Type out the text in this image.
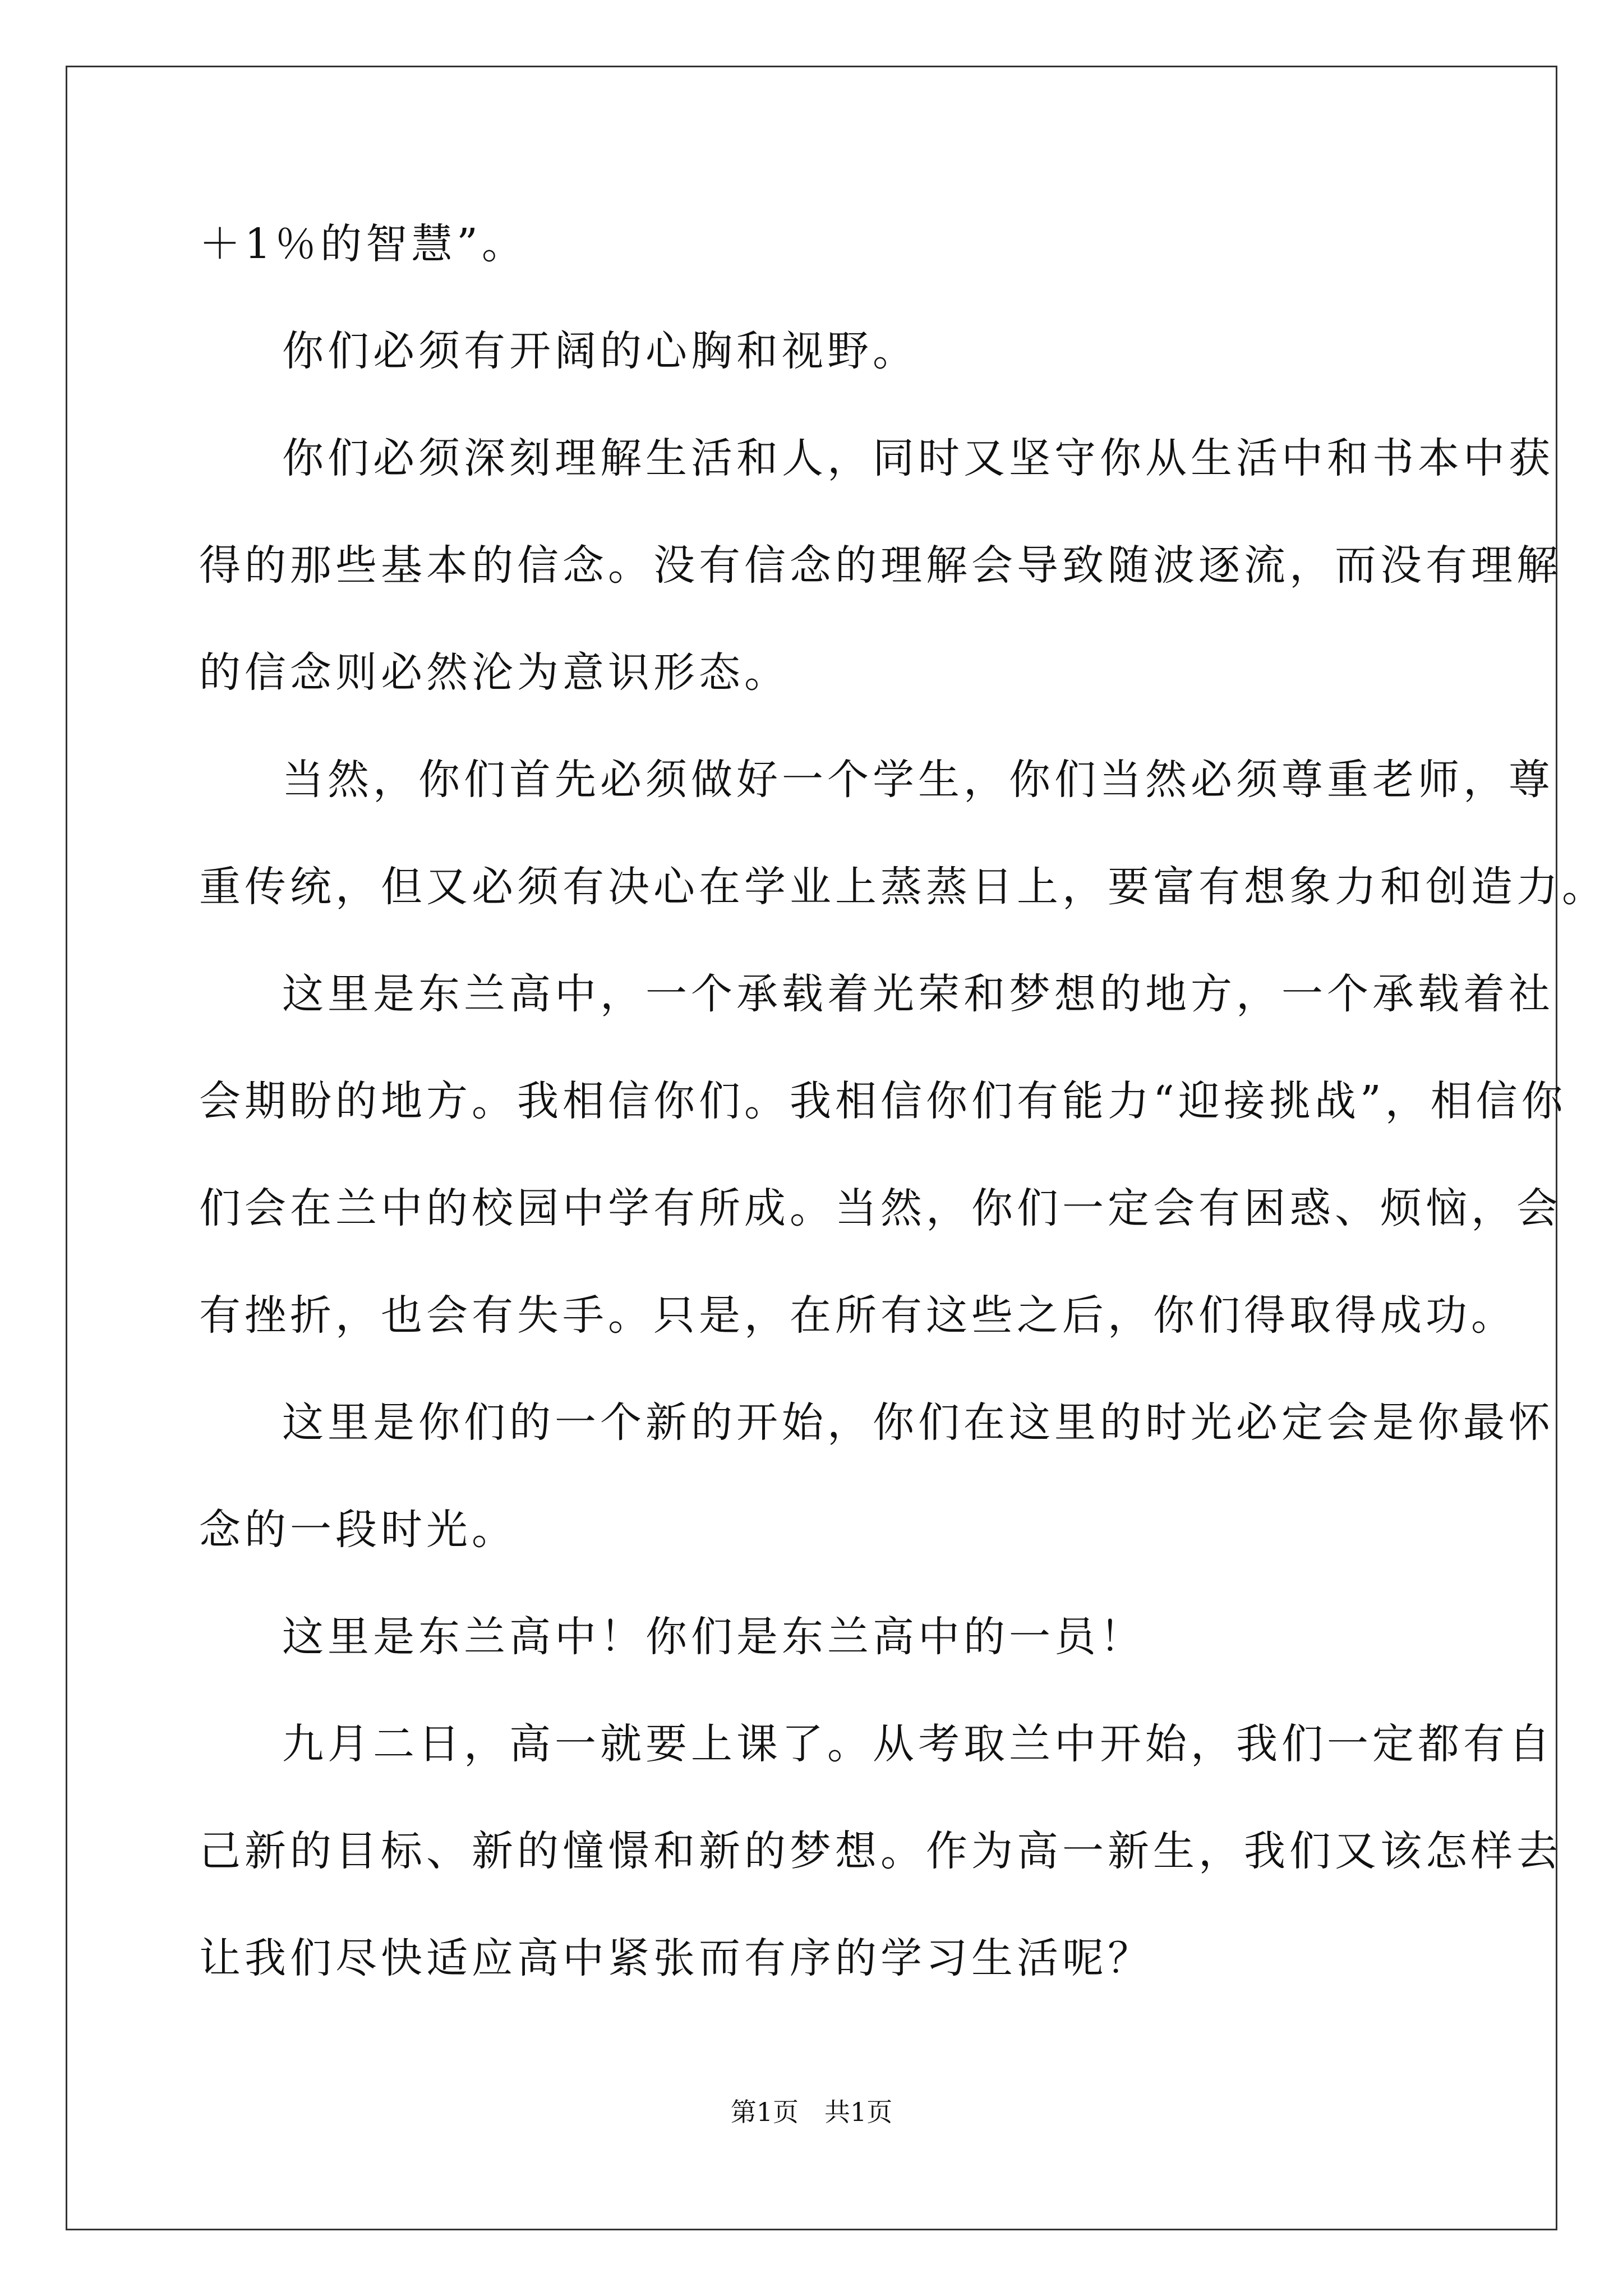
＋1％的智慧”。
你们必须有开阔的心胸和视野。
你们必须深刻理解生活和人，同时又坚守你从生活中和书本中获
得的那些基本的信念。没有信念的理解会导致随波逐流，而没有理解
的信念则必然沦为意识形态。
当然，你们首先必须做好一个学生，你们当然必须尊重老师，尊
重传统，但又必须有决心在学业上蒸蒸日上，要富有想象力和创造力。
这里是东兰高中，一个承载着光荣和梦想的地方，一个承载着社
会期盼的地方。我相信你们。我相信你们有能力“迎接挑战”，相信你
们会在兰中的校园中学有所成。当然，你们一定会有困惑、烦恼，会
有挫折，也会有失手。只是，在所有这些之后，你们得取得成功。
这里是你们的一个新的开始，你们在这里的时光必定会是你最怀
念的一段时光。
这里是东兰高中！你们是东兰高中的一员！
九月二日，高一就要上课了。从考取兰中开始，我们一定都有自
己新的目标、新的憧憬和新的梦想。作为高一新生，我们又该怎样去
让我们尽快适应高中紧张而有序的学习生活呢？
第1页　共1页
